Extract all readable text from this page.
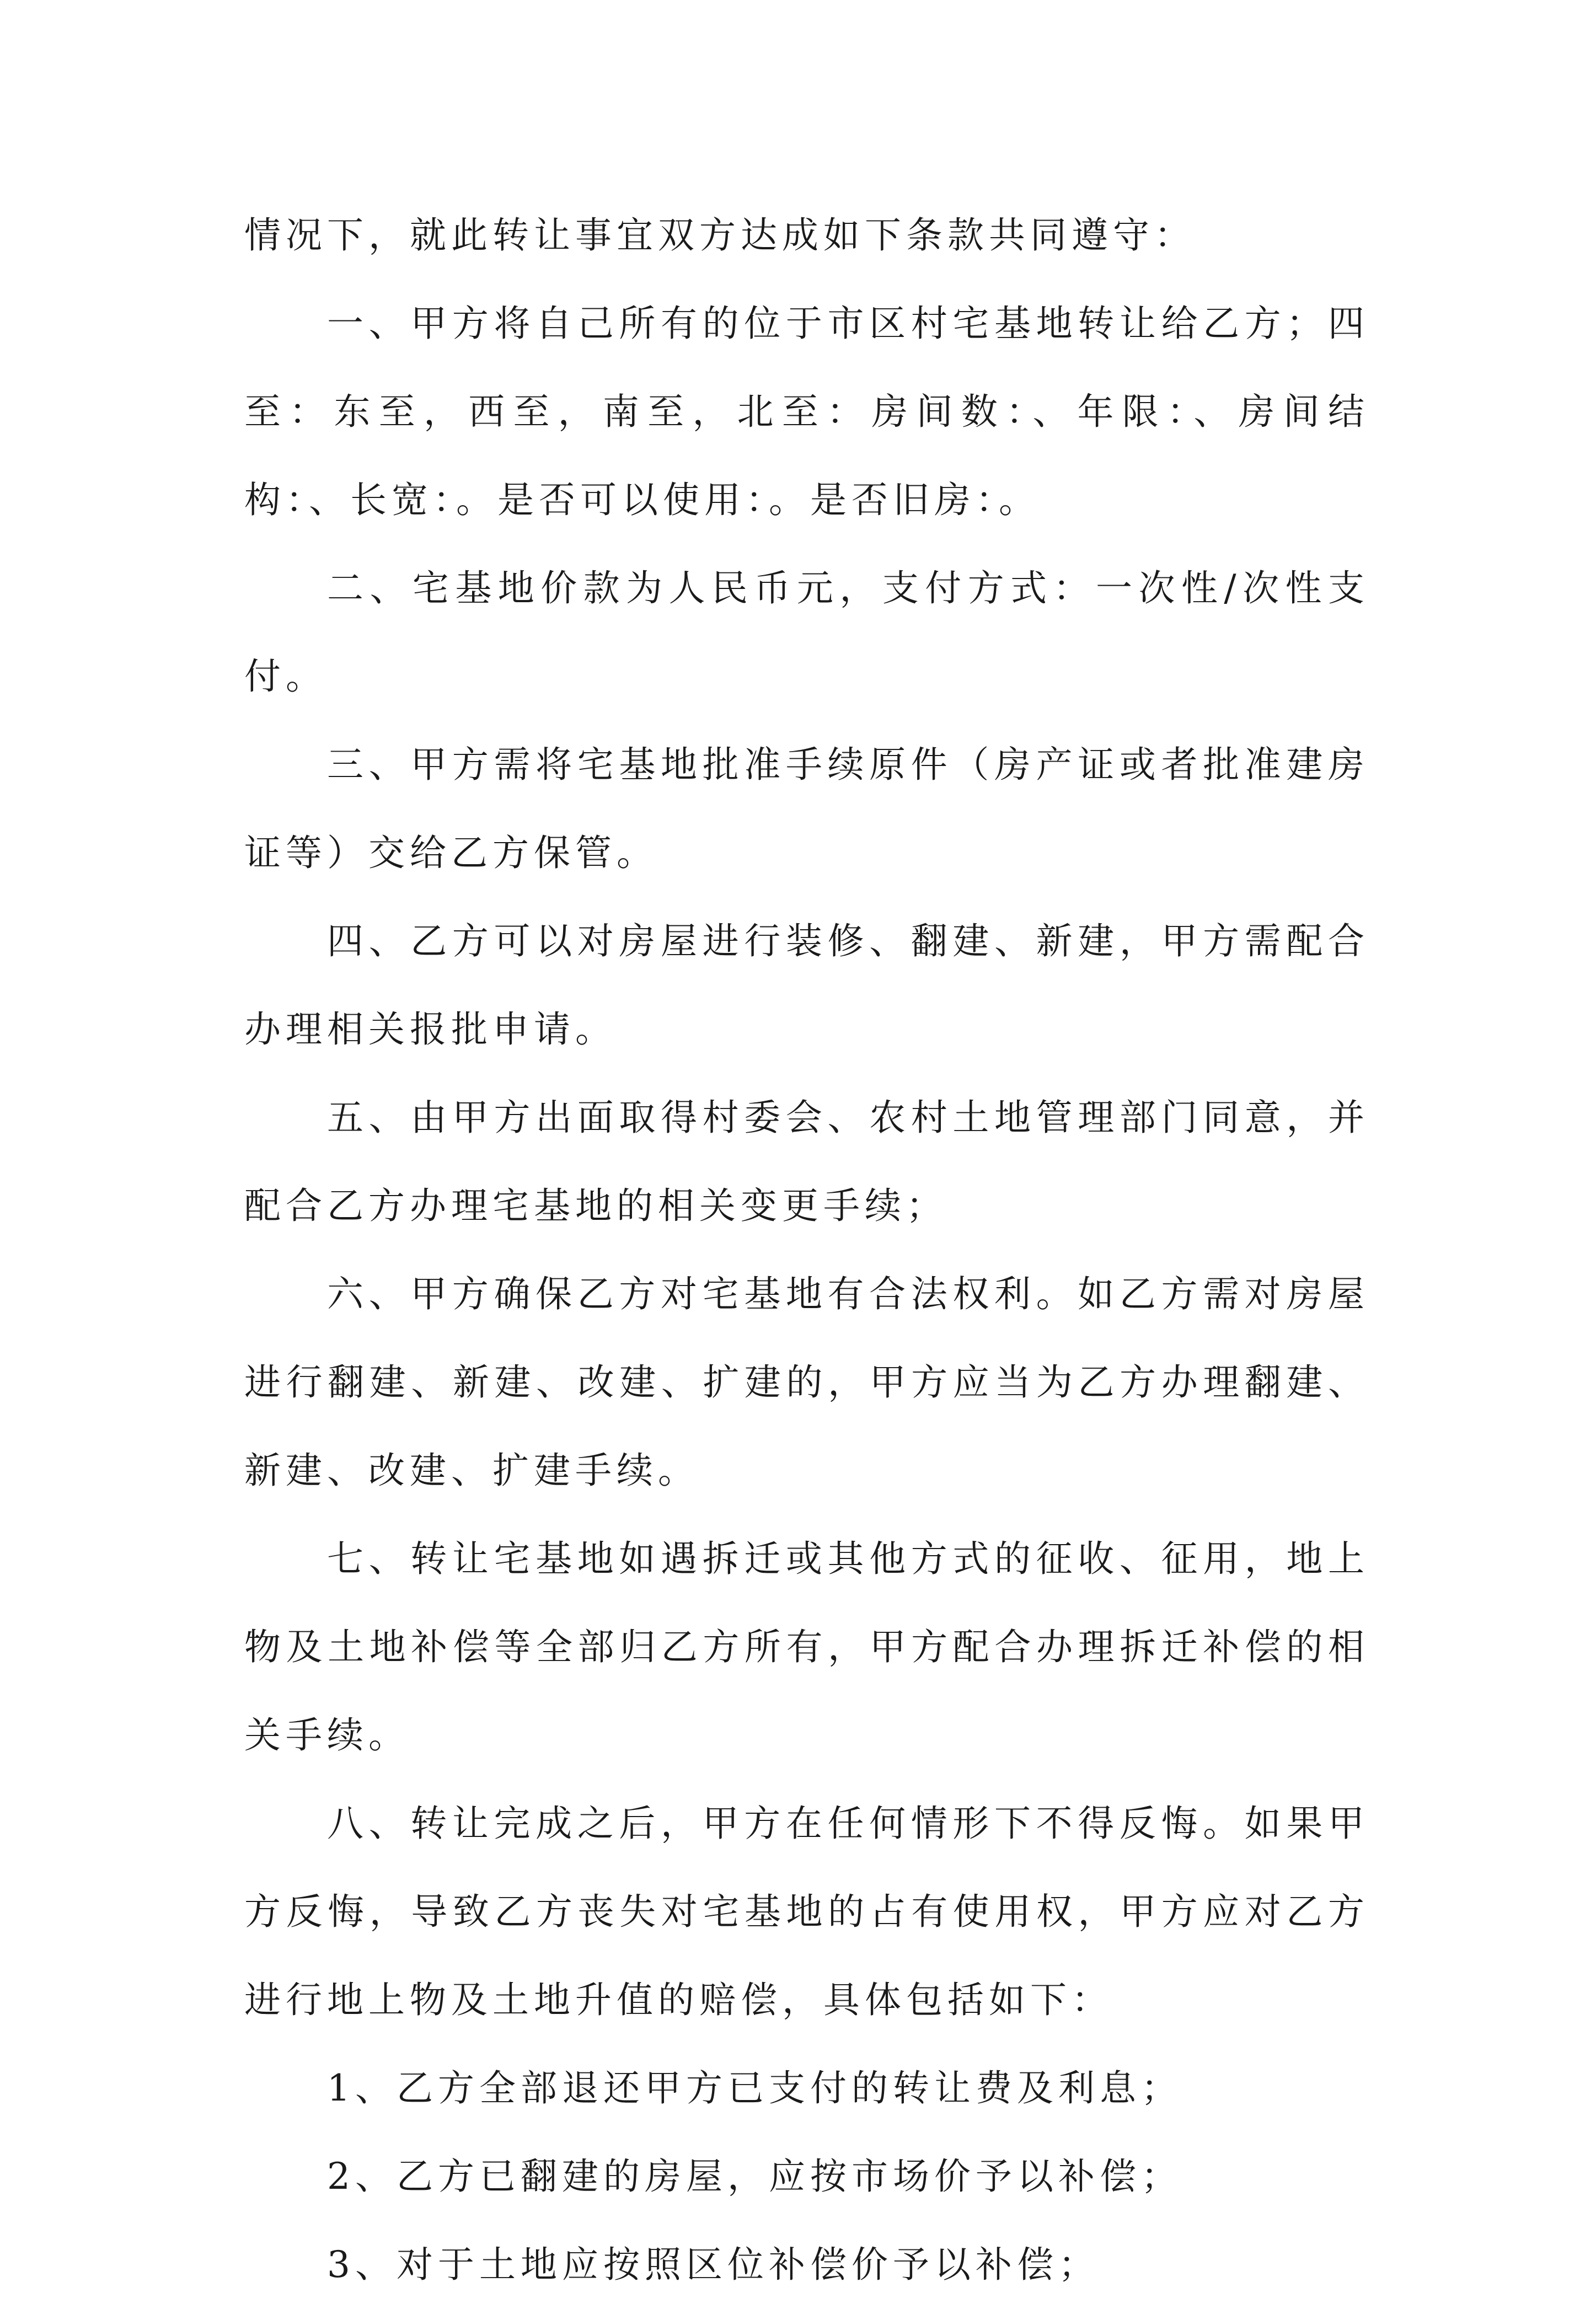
情况下，就此转让事宜双方达成如下条款共同遵守：

一、甲方将自己所有的位于市区村宅基地转让给乙方；四至：东至，西至，南至，北至：房间数：、年限：、房间结构：、长宽：。是否可以使用：。是否旧房：。

二、宅基地价款为人民币元，支付方式：一次性/次性支付。

三、甲方需将宅基地批准手续原件（房产证或者批准建房证等）交给乙方保管。

四、乙方可以对房屋进行装修、翻建、新建，甲方需配合办理相关报批申请。

五、由甲方出面取得村委会、农村土地管理部门同意，并配合乙方办理宅基地的相关变更手续；

六、甲方确保乙方对宅基地有合法权利。如乙方需对房屋进行翻建、新建、改建、扩建的，甲方应当为乙方办理翻建、新建、改建、扩建手续。

七、转让宅基地如遇拆迁或其他方式的征收、征用，地上物及土地补偿等全部归乙方所有，甲方配合办理拆迁补偿的相关手续。

八、转让完成之后，甲方在任何情形下不得反悔。如果甲方反悔，导致乙方丧失对宅基地的占有使用权，甲方应对乙方进行地上物及土地升值的赔偿，具体包括如下：

1、乙方全部退还甲方已支付的转让费及利息；

2、乙方已翻建的房屋，应按市场价予以补偿；

3、对于土地应按照区位补偿价予以补偿；
